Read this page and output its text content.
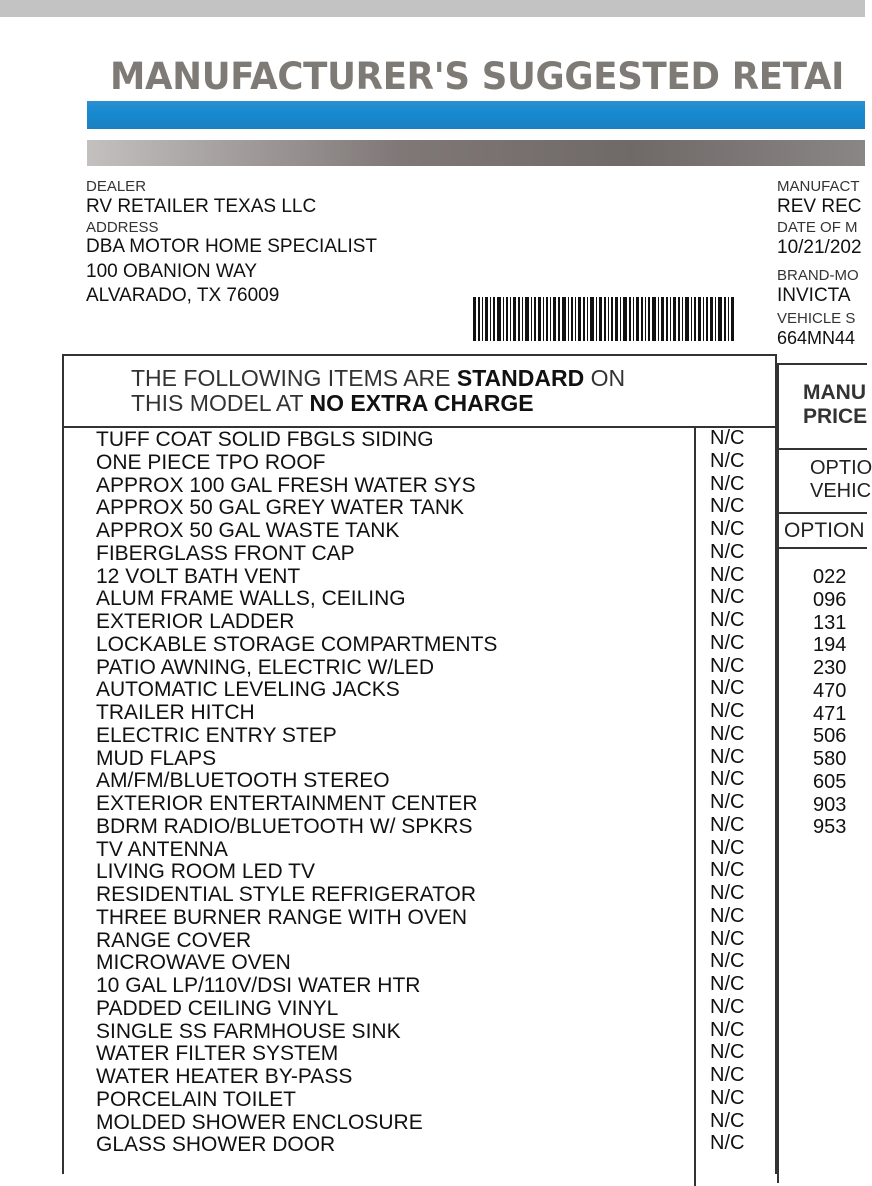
MANUFACTURER'S SUGGESTED RETAI
DEALER
RV RETAILER TEXAS LLC
ADDRESS
DBA MOTOR HOME SPECIALIST
100 OBANION WAY
ALVARADO, TX 76009
MANUFACT
REV REC
DATE OF M
10/21/202
BRAND-MO
INVICTA
VEHICLE S
664MN44
THE FOLLOWING ITEMS ARE STANDARD ON
THIS MODEL AT NO EXTRA CHARGE
TUFF COAT SOLID FBGLS SIDING	N/C
ONE PIECE TPO ROOF	N/C
APPROX 100 GAL FRESH WATER SYS	N/C
APPROX 50 GAL GREY WATER TANK	N/C
APPROX 50 GAL WASTE TANK	N/C
FIBERGLASS FRONT CAP	N/C
12 VOLT BATH VENT	N/C
ALUM FRAME WALLS, CEILING	N/C
EXTERIOR LADDER	N/C
LOCKABLE STORAGE COMPARTMENTS	N/C
PATIO AWNING, ELECTRIC W/LED	N/C
AUTOMATIC LEVELING JACKS	N/C
TRAILER HITCH	N/C
ELECTRIC ENTRY STEP	N/C
MUD FLAPS	N/C
AM/FM/BLUETOOTH STEREO	N/C
EXTERIOR ENTERTAINMENT CENTER	N/C
BDRM RADIO/BLUETOOTH W/ SPKRS	N/C
TV ANTENNA	N/C
LIVING ROOM LED TV	N/C
RESIDENTIAL STYLE REFRIGERATOR	N/C
THREE BURNER RANGE WITH OVEN	N/C
RANGE COVER	N/C
MICROWAVE OVEN	N/C
10 GAL LP/110V/DSI WATER HTR	N/C
PADDED CEILING VINYL	N/C
SINGLE SS FARMHOUSE SINK	N/C
WATER FILTER SYSTEM	N/C
WATER HEATER BY-PASS	N/C
PORCELAIN TOILET	N/C
MOLDED SHOWER ENCLOSURE	N/C
GLASS SHOWER DOOR	N/C
MANU
PRICE
OPTIO
VEHIC
OPTION
022
096
131
194
230
470
471
506
580
605
903
953
